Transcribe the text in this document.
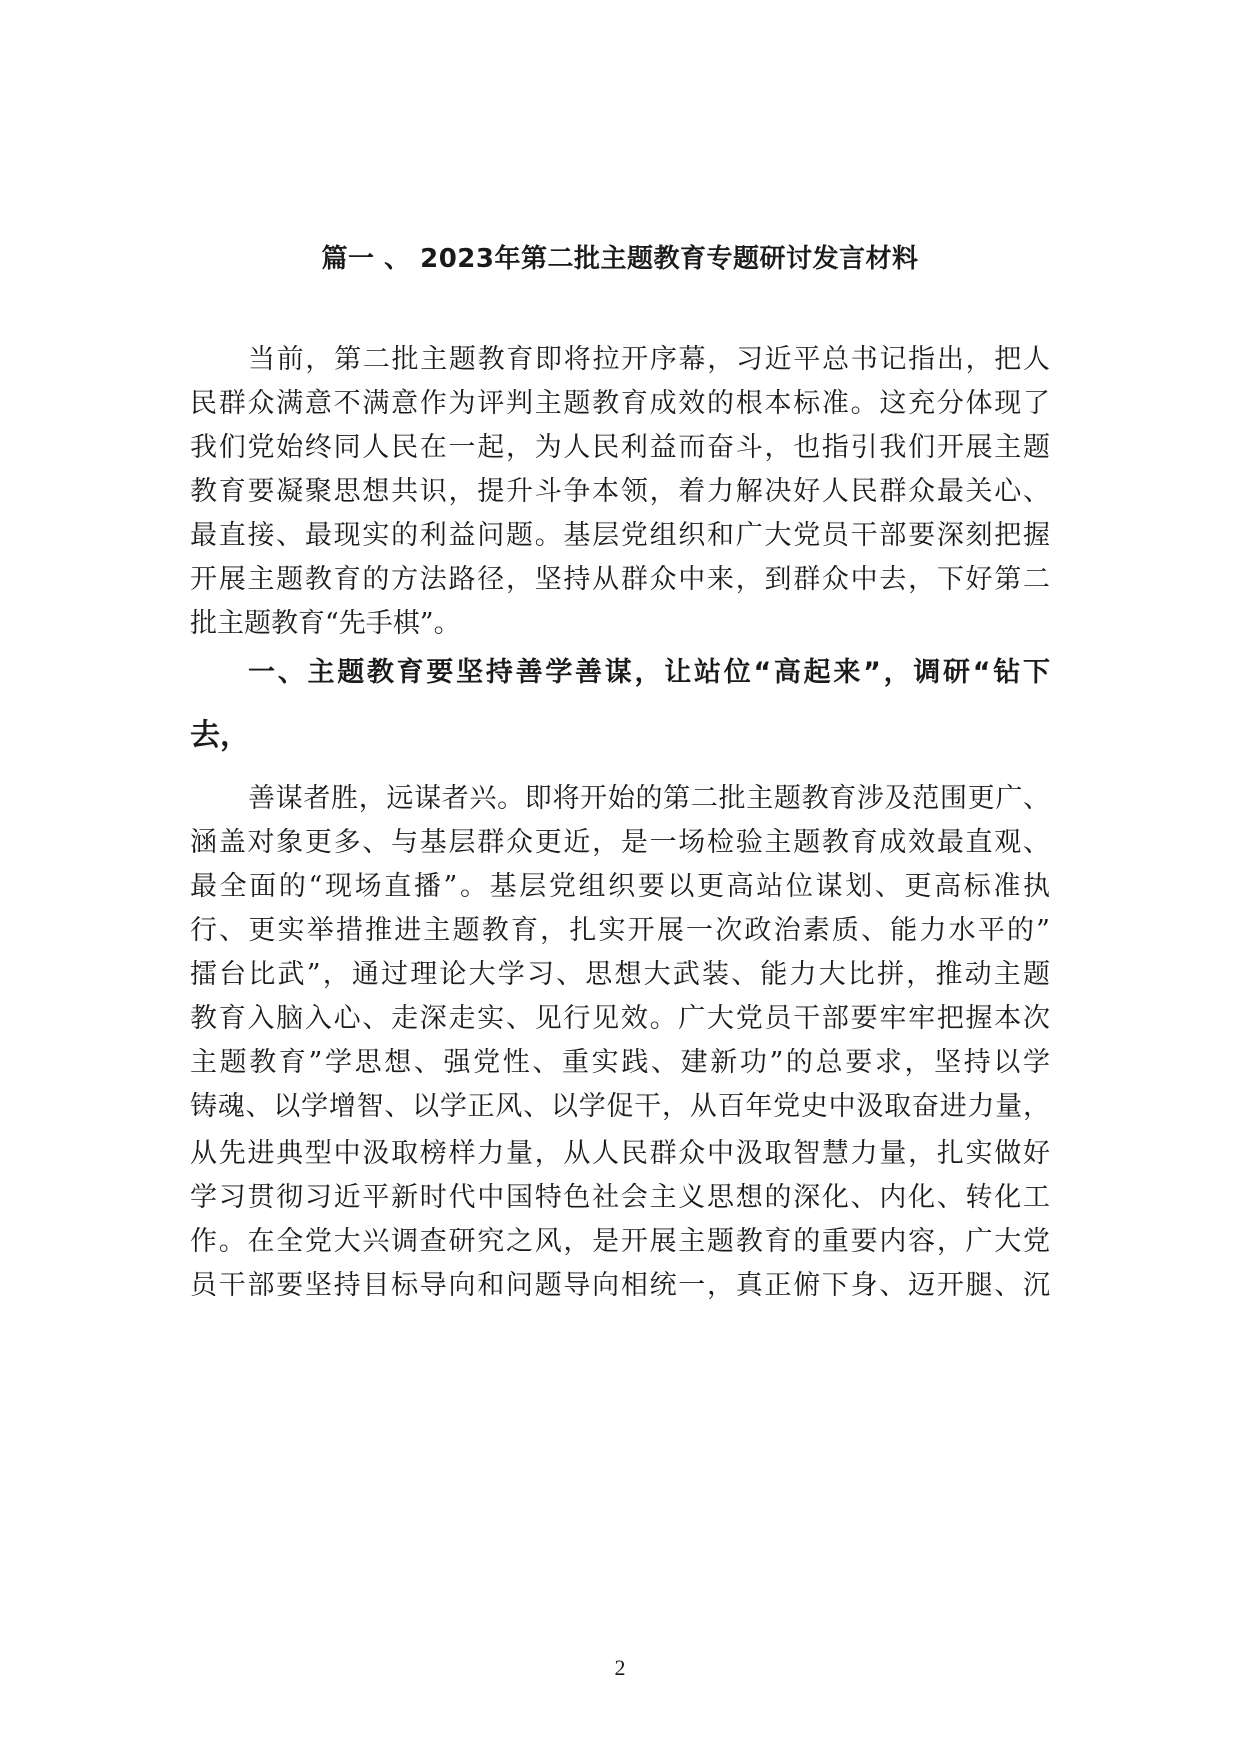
篇一 、 2023年第二批主题教育专题研讨发言材料
当前，第二批主题教育即将拉开序幕，习近平总书记指出，把人
民群众满意不满意作为评判主题教育成效的根本标准。这充分体现了
我们党始终同人民在一起，为人民利益而奋斗，也指引我们开展主题
教育要凝聚思想共识，提升斗争本领，着力解决好人民群众最关心、
最直接、最现实的利益问题。基层党组织和广大党员干部要深刻把握
开展主题教育的方法路径，坚持从群众中来，到群众中去，下好第二
批主题教育“先手棋”。
一、主题教育要坚持善学善谋，让站位“高起来”，调研“钻下
去，
善谋者胜，远谋者兴。即将开始的第二批主题教育涉及范围更广、
涵盖对象更多、与基层群众更近，是一场检验主题教育成效最直观、
最全面的“现场直播”。基层党组织要以更高站位谋划、更高标准执
行、更实举措推进主题教育，扎实开展一次政治素质、能力水平的”
擂台比武”，通过理论大学习、思想大武装、能力大比拼，推动主题
教育入脑入心、走深走实、见行见效。广大党员干部要牢牢把握本次
主题教育”学思想、强党性、重实践、建新功”的总要求，坚持以学
铸魂、以学增智、以学正风、以学促干，从百年党史中汲取奋进力量，
从先进典型中汲取榜样力量，从人民群众中汲取智慧力量，扎实做好
学习贯彻习近平新时代中国特色社会主义思想的深化、内化、转化工
作。在全党大兴调查研究之风，是开展主题教育的重要内容，广大党
员干部要坚持目标导向和问题导向相统一，真正俯下身、迈开腿、沉
2
